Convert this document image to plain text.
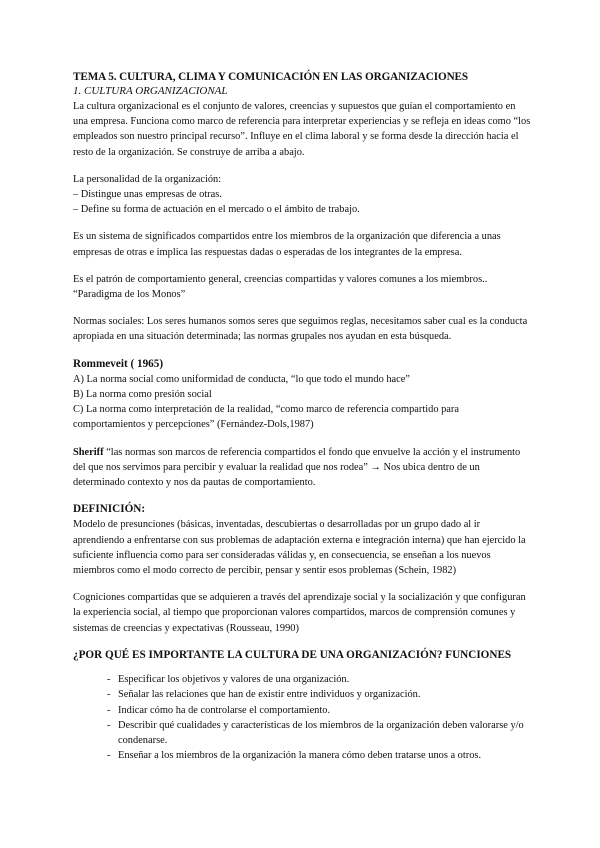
TEMA 5. CULTURA, CLIMA Y COMUNICACIÓN EN LAS ORGANIZACIONES

1. CULTURA ORGANIZACIONAL

La cultura organizacional es el conjunto de valores, creencias y supuestos que guían el comportamiento en una empresa. Funciona como marco de referencia para interpretar experiencias y se refleja en ideas como “los empleados son nuestro principal recurso”. Influye en el clima laboral y se forma desde la dirección hacia el resto de la organización. Se construye de arriba a abajo.

La personalidad de la organización:

– Distingue unas empresas de otras.

– Define su forma de actuación en el mercado o el ámbito de trabajo.

Es un sistema de significados compartidos entre los miembros de la organización que diferencia a unas empresas de otras e implica las respuestas dadas o esperadas de los integrantes de la empresa.

Es el patrón de comportamiento general, creencias compartidas y valores comunes a los miembros..

“Paradigma de los Monos”

Normas sociales: Los seres humanos somos seres que seguimos reglas, necesitamos saber cual es la conducta apropiada en una situación determinada; las normas grupales nos ayudan en esta búsqueda.

Rommeveit ( 1965)

A) La norma social como uniformidad de conducta, “lo que todo el mundo hace”

B) La norma como presión social

C) La norma como interpretación de la realidad, “como marco de referencia compartido para comportamientos y percepciones” (Fernández-Dols,1987)

Sheriff “las normas son marcos de referencia compartidos el fondo que envuelve la acción y el instrumento del que nos servimos para percibir y evaluar la realidad que nos rodea” → Nos ubica dentro de un determinado contexto y nos da pautas de comportamiento.

DEFINICIÓN:

Modelo de presunciones (básicas, inventadas, descubiertas o desarrolladas por un grupo dado al ir aprendiendo a enfrentarse con sus problemas de adaptación externa e integración interna) que han ejercido la suficiente influencia como para ser consideradas válidas y, en consecuencia, se enseñan a los nuevos miembros como el modo correcto de percibir, pensar y sentir esos problemas (Schein, 1982)

Cogniciones compartidas que se adquieren a través del aprendizaje social y la socialización y que configuran la experiencia social, al tiempo que proporcionan valores compartidos, marcos de comprensión comunes y sistemas de creencias y expectativas (Rousseau, 1990)

¿POR QUÉ ES IMPORTANTE LA CULTURA DE UNA ORGANIZACIÓN? FUNCIONES

- Especificar los objetivos y valores de una organización.
- Señalar las relaciones que han de existir entre individuos y organización.
- Indicar cómo ha de controlarse el comportamiento.
- Describir qué cualidades y características de los miembros de la organización deben valorarse y/o condenarse.
- Enseñar a los miembros de la organización la manera cómo deben tratarse unos a otros.
